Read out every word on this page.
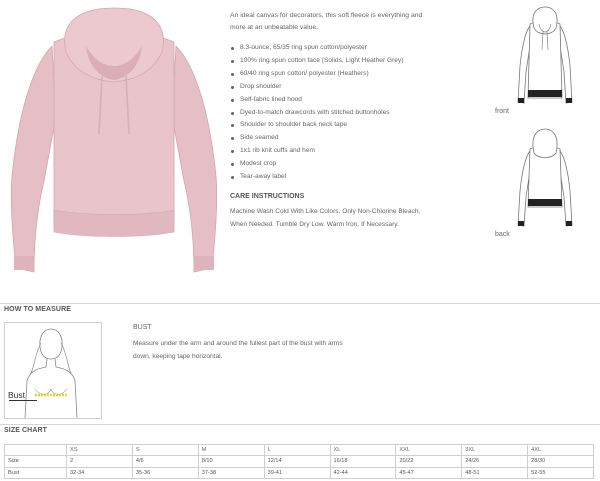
An ideal canvas for decorators, this soft fleece is everything and more at an unbeatable value.
8.3-ounce, 65/35 ring spun cotton/polyester
100% ring spun cotton face (Solids, Light Heather Grey)
60/40 ring spun cotton/ polyester (Heathers)
Drop shoulder
Self-fabric lined hood
Dyed-to-match drawcords with stitched buttonholes
Shoulder to shoulder back neck tape
Side seamed
1x1 rib knit cuffs and hem
Modest crop
Tear-away label
CARE INSTRUCTIONS
Machine Wash Cold With Like Colors. Only Non-Chlorine Bleach, When Needed. Tumble Dry Low. Warm Iron, If Necessary.
front
back
HOW TO MEASURE
Bust
BUST
Measure under the arm and around the fullest part of the bust with arms down, keeping tape horizontal.
SIZE CHART
	XS	S	M	L	XL	XXL	3XL	4XL
Size	2	4/6	8/10	12/14	16/18	20/22	24/26	28/30
Bust	32-34	35-36	37-38	39-41	42-44	45-47	48-51	52-55
